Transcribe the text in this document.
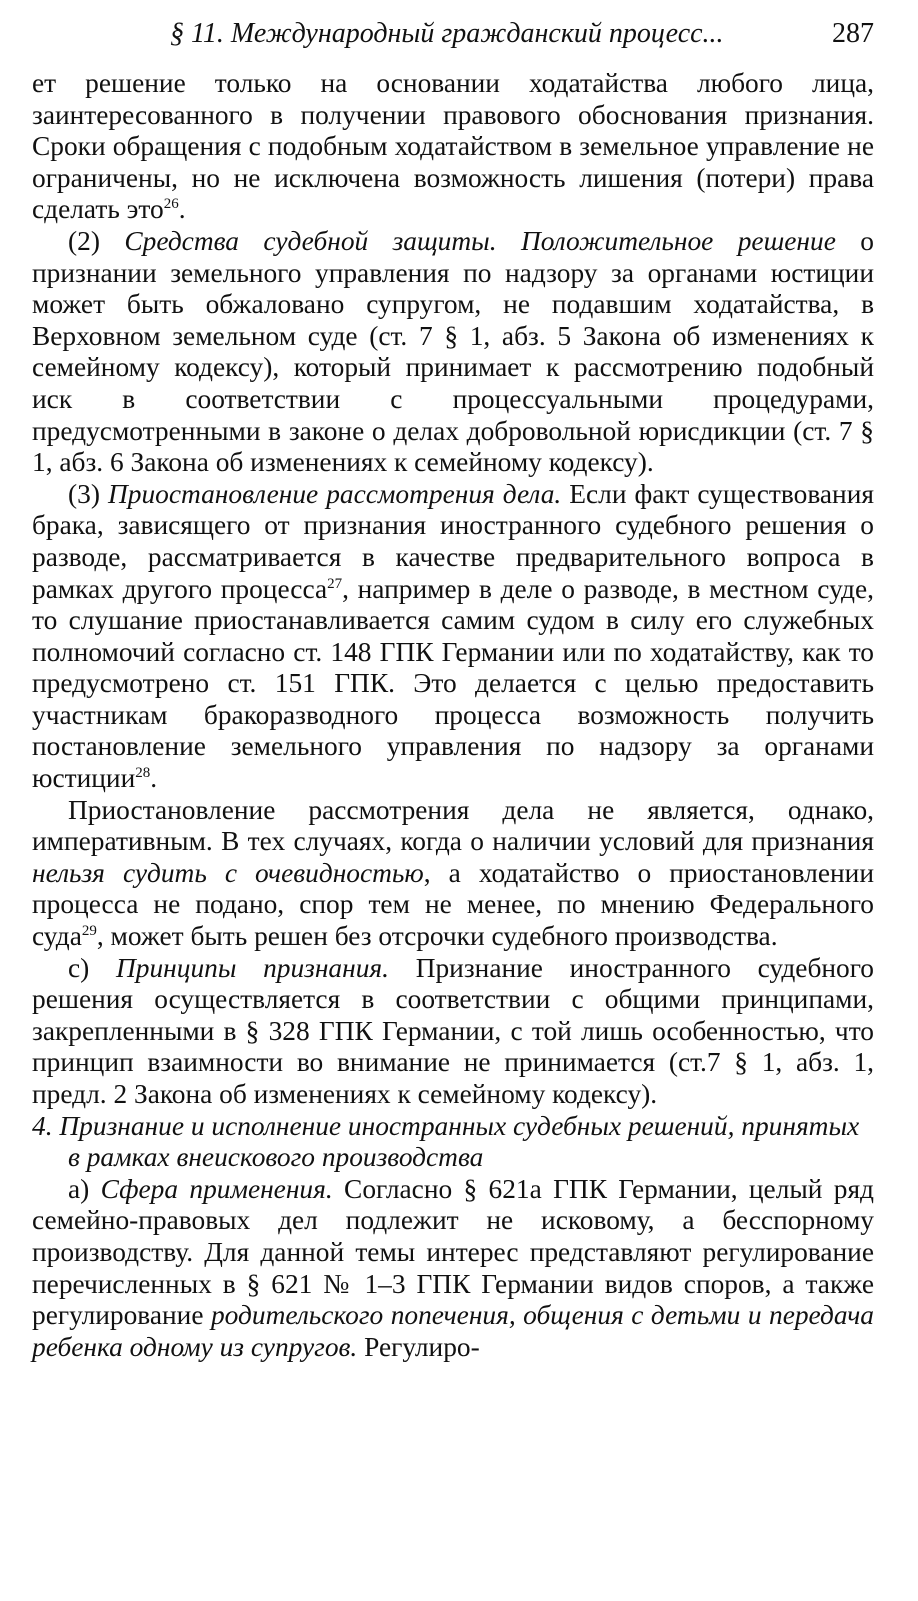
§ 11. Международный гражданский процесс...	287

ет решение только на основании ходатайства любого лица, заинтересованного в получении правового обоснования признания. Сроки обращения с подобным ходатайством в земельное управление не ограничены, но не исключена возможность лишения (потери) права сделать это$^{26}$.

(2) Средства судебной защиты. Положительное решение о признании земельного управления по надзору за органами юстиции может быть обжаловано супругом, не подавшим ходатайства, в Верховном земельном суде (ст. 7 § 1, абз. 5 Закона об изменениях к семейному кодексу), который принимает к рассмотрению подобный иск в соответствии с процессуальными процедурами, предусмотренными в законе о делах добровольной юрисдикции (ст. 7 § 1, абз. 6 Закона об изменениях к семейному кодексу).

(3) Приостановление рассмотрения дела. Если факт существования брака, зависящего от признания иностранного судебного решения о разводе, рассматривается в качестве предварительного вопроса в рамках другого процесса$^{27}$, например в деле о разводе, в местном суде, то слушание приостанавливается самим судом в силу его служебных полномочий согласно ст. 148 ГПК Германии или по ходатайству, как то предусмотрено ст. 151 ГПК. Это делается с целью предоставить участникам бракоразводного процесса возможность получить постановление земельного управления по надзору за органами юстиции$^{28}$.

Приостановление рассмотрения дела не является, однако, императивным. В тех случаях, когда о наличии условий для признания нельзя судить с очевидностью, а ходатайство о приостановлении процесса не подано, спор тем не менее, по мнению Федерального суда$^{29}$, может быть решен без отсрочки судебного производства.

с) Принципы признания. Признание иностранного судебного решения осуществляется в соответствии с общими принципами, закрепленными в § 328 ГПК Германии, с той лишь особенностью, что принцип взаимности во внимание не принимается (ст.7 § 1, абз. 1, предл. 2 Закона об изменениях к семейному кодексу).

4. Признание и исполнение иностранных судебных решений, принятых в рамках внеискового производства

а) Сфера применения. Согласно § 621а ГПК Германии, целый ряд семейно-правовых дел подлежит не исковому, а бесспорному производству. Для данной темы интерес представляют регулирование перечисленных в § 621 № 1–3 ГПК Германии видов споров, а также регулирование родительского попечения, общения с детьми и передача ребенка одному из супругов. Регулиро-
